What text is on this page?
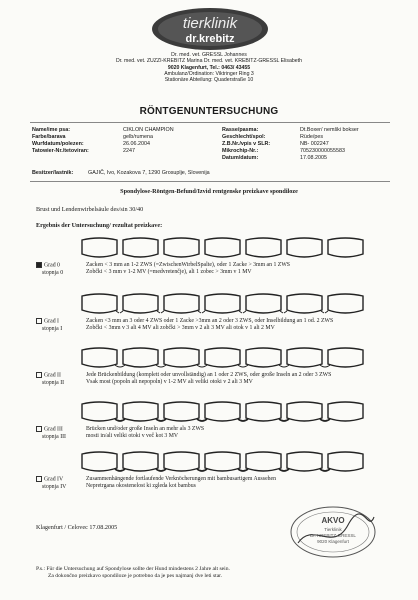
tierklinik
dr.krebitz
Dr. med. vet. GRESSL Johannes
Dr. med. vet. ZUZZI-KREBITZ Marina Dr. med. vet. KREBITZ-GRESSL Elisabeth
9020 Klagenfurt, Tel.: 0463/ 43455
Ambulanz/Ordination: Viktringer Ring 3
Stationäre Abteilung: Quaderstraße 10
RÖNTGENUNTERSUCHUNG
Name/ime psa:	CIKLON CHAMPION
Farbe/barava	gelb/rumena
Wurfdatum/polezen:	26.06.2004
Tatowier-Nr./tetoviran:	2247
Rasse/pasma:	Dt.Boxer/ nemški bokser
Geschlecht/spol:	Rüde/pes
Z.B.Nr./vpis v SLR:	NB- 002247
Mikrochip-Nr.:	705230000055583
Datum/datum:	17.08.2005
Besitzer/lastnik:	GAJIČ, Ivo, Kozakova 7, 1290 Grosuplje, Slovenija
Spondylose-Röntgen-Befund/Izvid rentgenske preizkave spondiloze
Brust und Lendenwirbelsäule des/sin 30/40
Ergebnis der Untersuchung/ rezultat preizkave:
Grad 0
stopnja 0
Zacken < 3 mm an 1-2 ZWS (=ZwischenWirbelSpalte), oder 1 Zacke > 3mm an 1 ZWS
Zobčki < 3 mm v 1-2 MV (=medvretenčje), ali 1 zobec > 3mm v 1 MV
Grad I
stopnja I
Zacken <3 mm an 3 oder 4 ZWS oder 1 Zacke >3mm an 2 oder 3 ZWS, oder Inselbildung an 1 od. 2 ZWS
Zobčki < 3mm v 3 ali 4 MV ali zobčki > 3mm v 2 ali 3 MV ali otok v 1 ali 2 MV
Grad II
stopnja II
Jede Brückenbildung (komplett oder unvollständig) an 1 oder 2 ZWS, oder große Inseln an 2 oder 3 ZWS
Vsak most (popoln ali nepopoln) v 1-2 MV ali veliki otoki v 2 ali 3 MV
Grad III
stopnja III
Brücken und/oder große Inseln an mehr als 3 ZWS
mosti in/ali veliki otoki v več kot 3 MV
Grad IV
stopnja IV
Zusammenhängende fortlaufende Verknöcherungen mit bambusartigem Aussehen
Nepretrgana okostenelost ki zgleda kot bambus
Klagenfurt / Celovec 17.08.2005
AKVO
Tierklinik
Dr. KREBITZ-GRESSL
9020 Klagenfurt
P.s.: Für die Untersuchung auf Spondylose sollte der Hund mindestens 2 Jahre alt sein.
Za dokončno preizkavo spondiloze je potrebno da je pes najmanj dve leti star.
